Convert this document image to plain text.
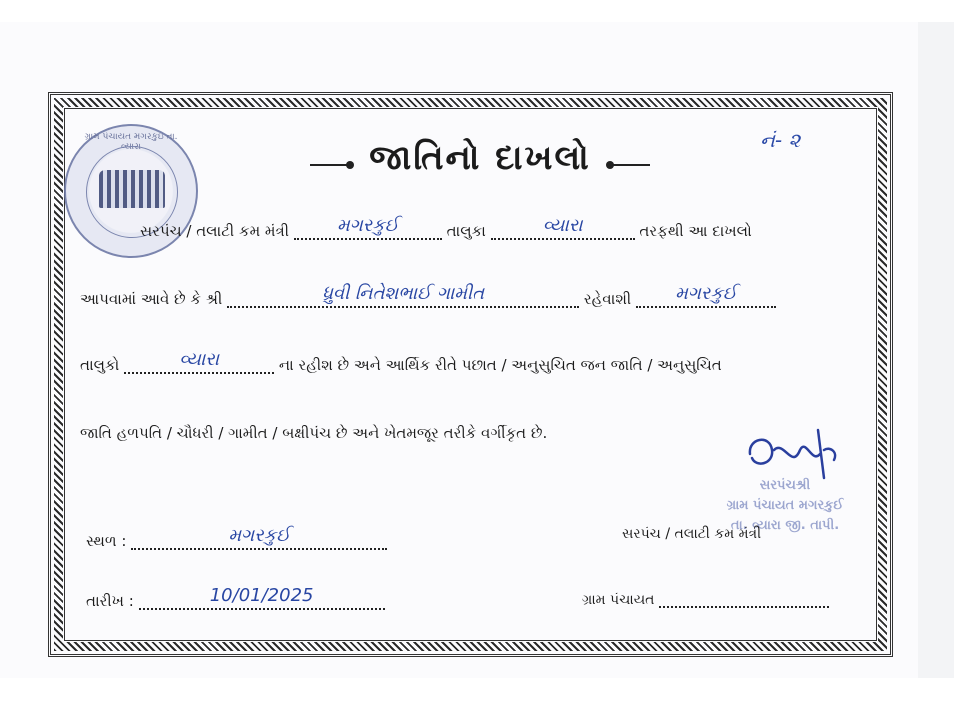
ગ્રામ પંચાયત મગરકુઇ તા. વ્યારા	જાતિનો દાખલો	નં- ૨
સરપંચ / તલાટી કમ મંત્રી	મગરકુઈ	તાલુકા	વ્યારા	તરફથી આ દાખલો
આપવામાં આવે છે કે શ્રી	ધ્રુવી નિતેશભાઈ ગામીત	રહેવાશી	મગરકુઈ
તાલુકો	વ્યારા	ના રહીશ છે અને આર્થિક રીતે પછાત / અનુસુચિત જન જાતિ / અનુસુચિત
જાતિ હળપતિ / ચૌધરી / ગામીત / બક્ષીપંચ છે અને ખેતમજૂર તરીકે વર્ગીકૃત છે.
સરપંચશ્રી
ગ્રામ પંચાયત મગરકુઈ
તા. વ્યારા જી. તાપી.
સરપંચ / તલાટી કમ મંત્રી
સ્થળ :	મગરકુઈ
તારીખ :	10/01/2025	ગ્રામ પંચાયત
